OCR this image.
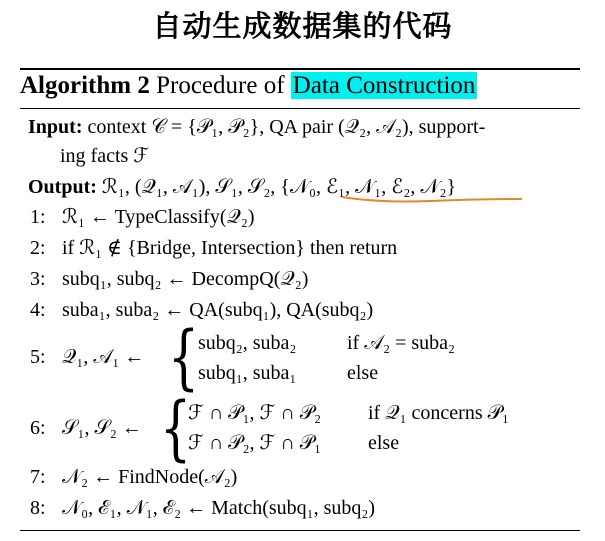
自动生成数据集的代码
Algorithm 2 Procedure of Data Construction
Input: context 𝒞 = {𝒫₁, 𝒫₂}, QA pair (𝒬₂, 𝒜₂), support-
ing facts ℱ
Output: ℛ₁, (𝒬₁, 𝒜₁), 𝒮₁, 𝒮₂, {𝒩₀, ℰ₁, 𝒩₁, ℰ₂, 𝒩₂}
1: ℛ₁ ← TypeClassify(𝒬₂)
2: if ℛ₁ ∉ {Bridge, Intersection} then return
3: subq₁, subq₂ ← DecompQ(𝒬₂)
4: suba₁, suba₂ ← QA(subq₁), QA(subq₂)
5: 𝒬₁, 𝒜₁ ← {
subq₂, suba₂	if 𝒜₂ = suba₂
subq₁, suba₁	else
6: 𝒮₁, 𝒮₂ ← {
ℱ ∩ 𝒫₁, ℱ ∩ 𝒫₂ if 𝒬₁ concerns 𝒫₁
ℱ ∩ 𝒫₂, ℱ ∩ 𝒫₁ else
7: 𝒩₂ ← FindNode(𝒜₂)
8: 𝒩₀, ℰ₁, 𝒩₁, ℰ₂ ← Match(subq₁, subq₂)
